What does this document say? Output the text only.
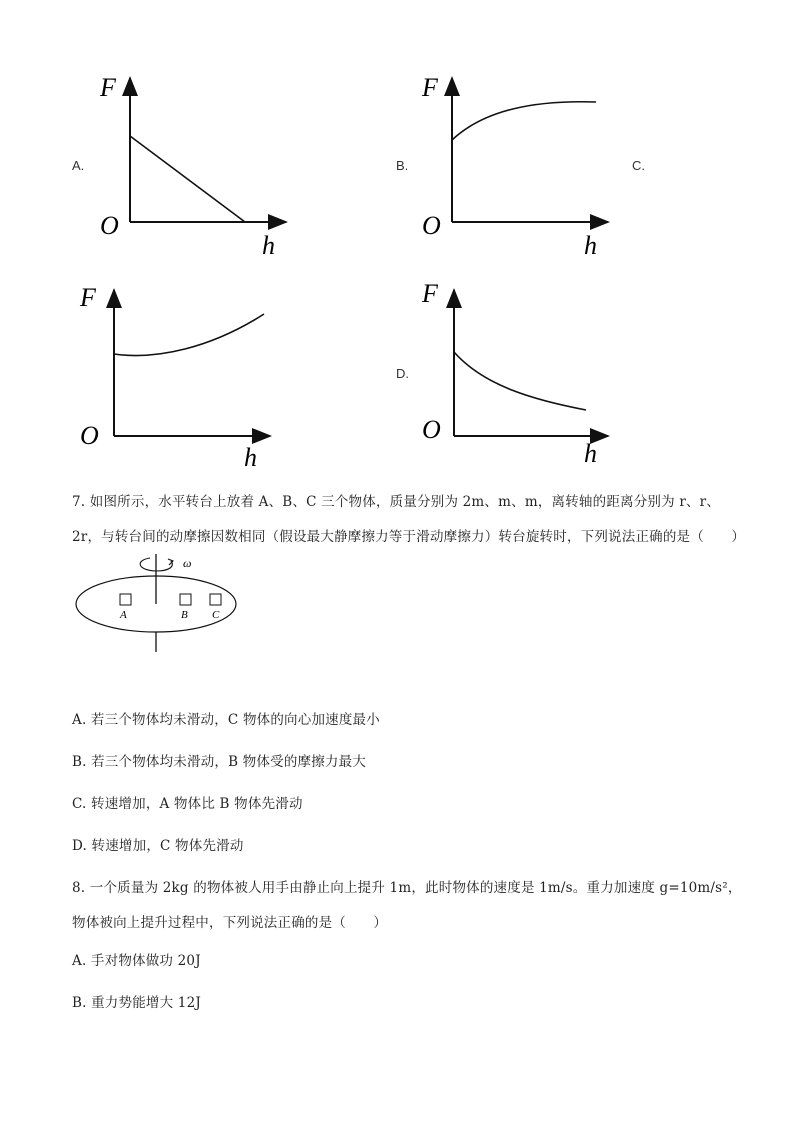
A.	B.	C.
D.
F
O
h
F
O
h
F
O
h
F
O
h
7. 如图所示，水平转台上放着 A、B、C 三个物体，质量分别为 2m、m、m，离转轴的距离分别为 r、r、
2r，与转台间的动摩擦因数相同（假设最大静摩擦力等于滑动摩擦力）转台旋转时，下列说法正确的是（　　）
ω
A	B C
A. 若三个物体均未滑动，C 物体的向心加速度最小
B. 若三个物体均未滑动，B 物体受的摩擦力最大
C. 转速增加，A 物体比 B 物体先滑动
D. 转速增加，C 物体先滑动
8. 一个质量为 2kg 的物体被人用手由静止向上提升 1m，此时物体的速度是 1m/s。重力加速度 g=10m/s²，
物体被向上提升过程中，下列说法正确的是（　　）
A. 手对物体做功 20J
B. 重力势能增大 12J
